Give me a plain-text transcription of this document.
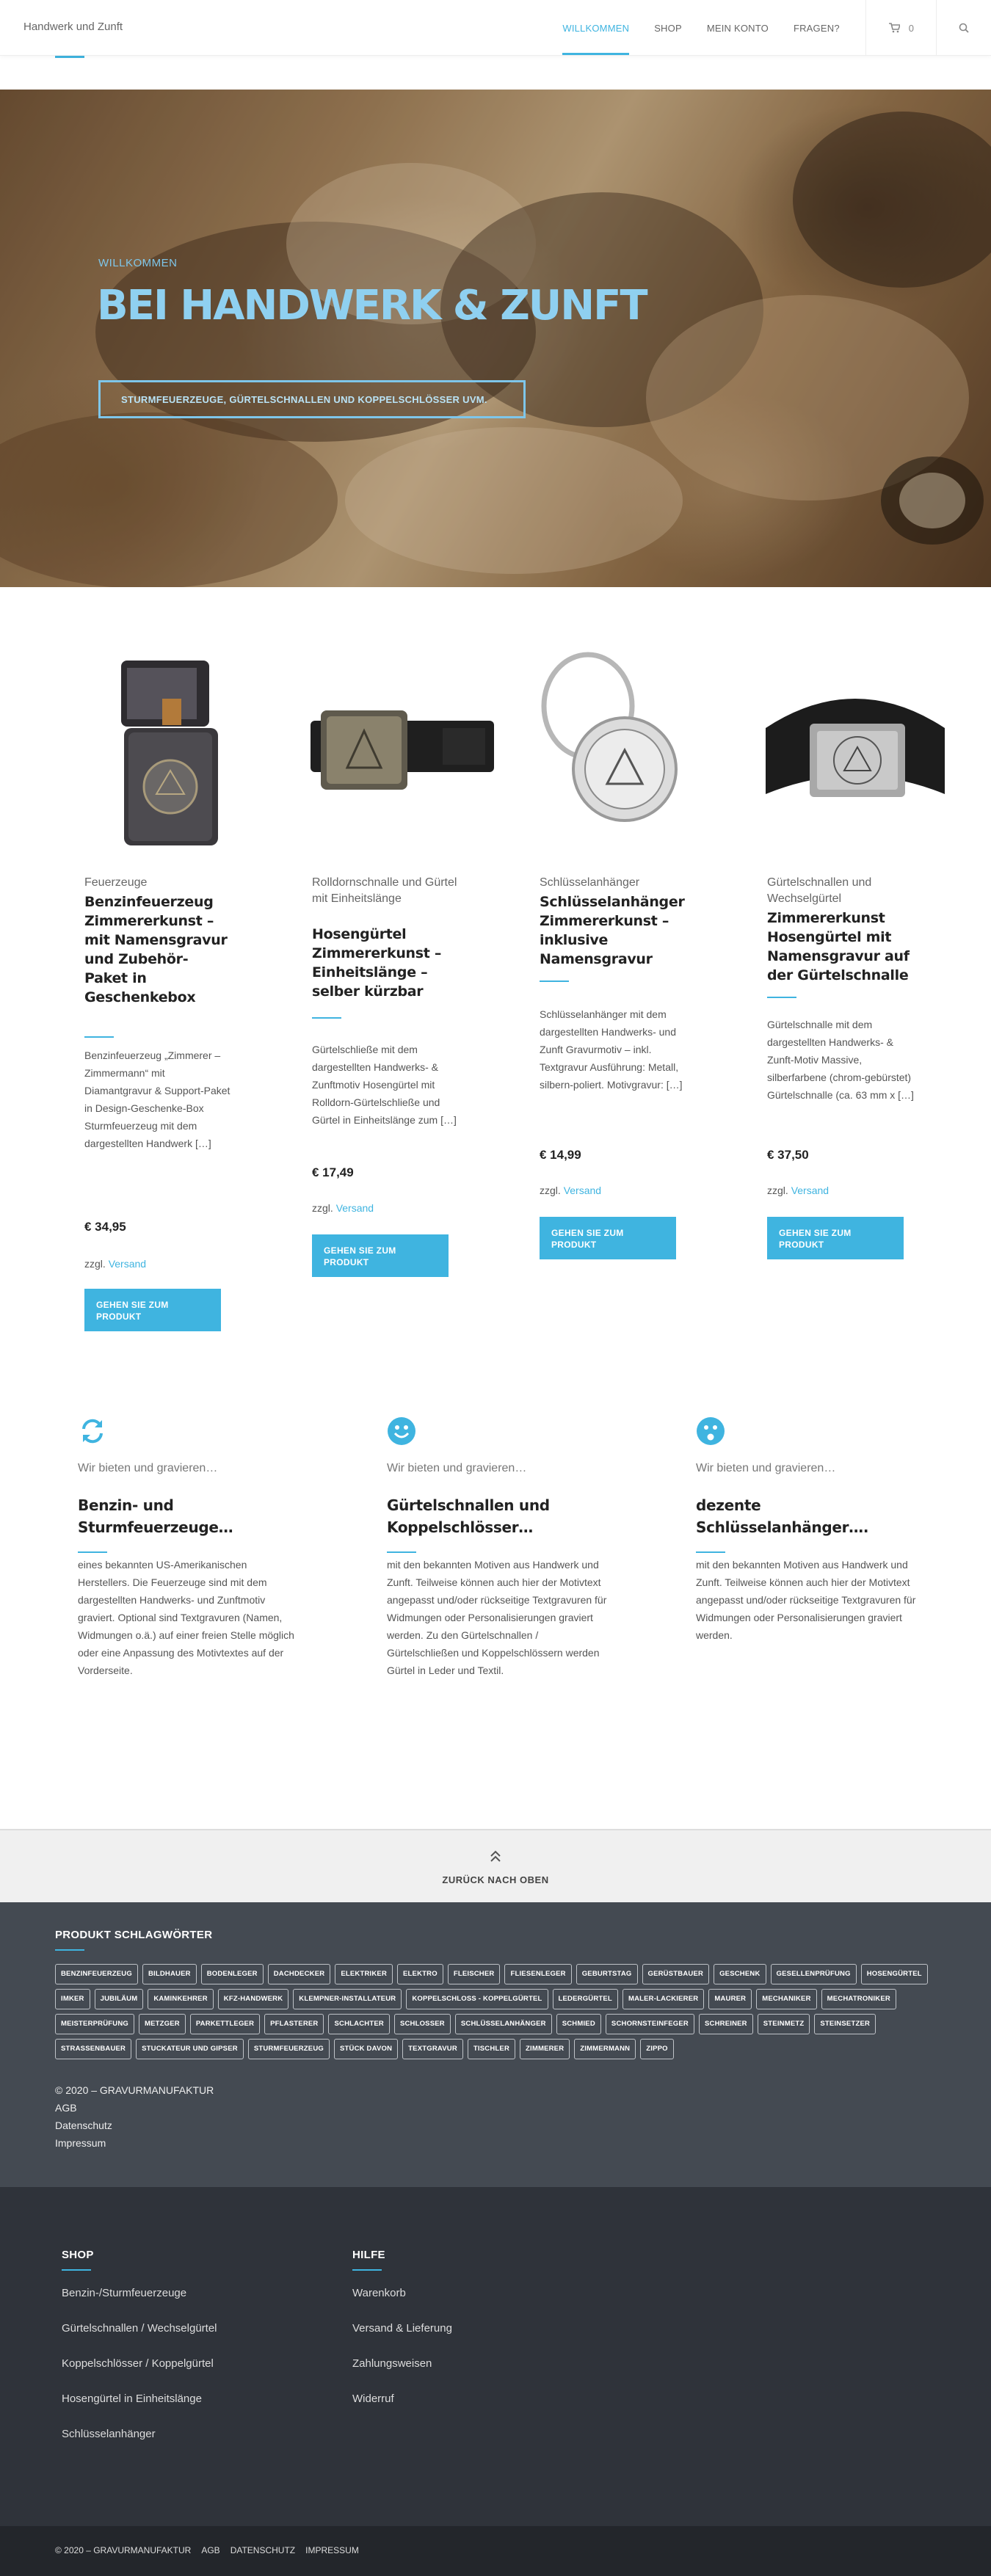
Handwerk und Zunft	WILLKOMMEN	SHOP	MEIN KONTO	FRAGEN?	0
WILLKOMMEN
BEI HANDWERK & ZUNFT
STURMFEUERZEUGE, GÜRTELSCHNALLEN UND KOPPELSCHLÖSSER UVM.
Feuerzeuge
Benzinfeuerzeug Zimmererkunst – mit Namensgravur und Zubehör-Paket in Geschenkebox
Benzinfeuerzeug „Zimmerer – Zimmermann“ mit Diamantgravur & Support-Paket in Design-Geschenke-Box Sturmfeuerzeug mit dem dargestellten Handwerk […]
€ 34,95
zzgl. Versand
GEHEN SIE ZUM PRODUKT
Rolldornschnalle und Gürtel mit Einheitslänge
Hosengürtel Zimmererkunst – Einheitslänge – selber kürzbar
Gürtelschließe mit dem dargestellten Handwerks- & Zunftmotiv Hosengürtel mit Rolldorn-Gürtelschließe und Gürtel in Einheitslänge zum […]
€ 17,49
zzgl. Versand
GEHEN SIE ZUM PRODUKT
Schlüsselanhänger
Schlüsselanhänger Zimmererkunst – inklusive Namensgravur
Schlüsselanhänger mit dem dargestellten Handwerks- und Zunft Gravurmotiv – inkl. Textgravur Ausführung: Metall, silbern-poliert. Motivgravur: […]
€ 14,99
zzgl. Versand
GEHEN SIE ZUM PRODUKT
Gürtelschnallen und Wechselgürtel
Zimmererkunst Hosengürtel mit Namensgravur auf der Gürtelschnalle
Gürtelschnalle mit dem dargestellten Handwerks- & Zunft-Motiv Massive, silberfarbene (chrom-gebürstet) Gürtelschnalle (ca. 63 mm x […]
€ 37,50
zzgl. Versand
GEHEN SIE ZUM PRODUKT
Wir bieten und gravieren…
Benzin- und Sturmfeuerzeuge…
eines bekannten US-Amerikanischen Herstellers. Die Feuerzeuge sind mit dem dargestellten Handwerks- und Zunftmotiv graviert. Optional sind Textgravuren (Namen, Widmungen o.ä.) auf einer freien Stelle möglich oder eine Anpassung des Motivtextes auf der Vorderseite.
Wir bieten und gravieren…
Gürtelschnallen und Koppelschlösser…
mit den bekannten Motiven aus Handwerk und Zunft. Teilweise können auch hier der Motivtext angepasst und/oder rückseitige Textgravuren für Widmungen oder Personalisierungen graviert werden. Zu den Gürtelschnallen / Gürtelschließen und Koppelschlössern werden Gürtel in Leder und Textil.
Wir bieten und gravieren…
dezente Schlüsselanhänger….
mit den bekannten Motiven aus Handwerk und Zunft. Teilweise können auch hier der Motivtext angepasst und/oder rückseitige Textgravuren für Widmungen oder Personalisierungen graviert werden.
ZURÜCK NACH OBEN
PRODUKT SCHLAGWÖRTER
BENZINFEUERZEUG	BILDHAUER	BODENLEGER	DACHDECKER	ELEKTRIKER	ELEKTRO	FLEISCHER	FLIESENLEGER	GEBURTSTAG	GERÜSTBAUER	GESCHENK	GESELLENPRÜFUNG	HOSENGÜRTEL
IMKER	JUBILÄUM	KAMINKEHRER	KFZ-HANDWERK	KLEMPNER-INSTALLATEUR	KOPPELSCHLOSS - KOPPELGÜRTEL	LEDERGÜRTEL	MALER-LACKIERER	MAURER	MECHANIKER	MECHATRONIKER
MEISTERPRÜFUNG	METZGER	PARKETTLEGER	PFLASTERER	SCHLACHTER	SCHLOSSER	SCHLÜSSELANHÄNGER	SCHMIED	SCHORNSTEINFEGER	SCHREINER	STEINMETZ	STEINSETZER
STRASSENBAUER	STUCKATEUR UND GIPSER	STURMFEUERZEUG	STÜCK DAVON	TEXTGRAVUR	TISCHLER	ZIMMERER	ZIMMERMANN	ZIPPO
© 2020 – GRAVURMANUFAKTUR
AGB
Datenschutz
Impressum
SHOP
Benzin-/Sturmfeuerzeuge
Gürtelschnallen / Wechselgürtel
Koppelschlösser / Koppelgürtel
Hosengürtel in Einheitslänge
Schlüsselanhänger
HILFE
Warenkorb
Versand & Lieferung
Zahlungsweisen
Widerruf
© 2020 – GRAVURMANUFAKTUR AGB DATENSCHUTZ IMPRESSUM
